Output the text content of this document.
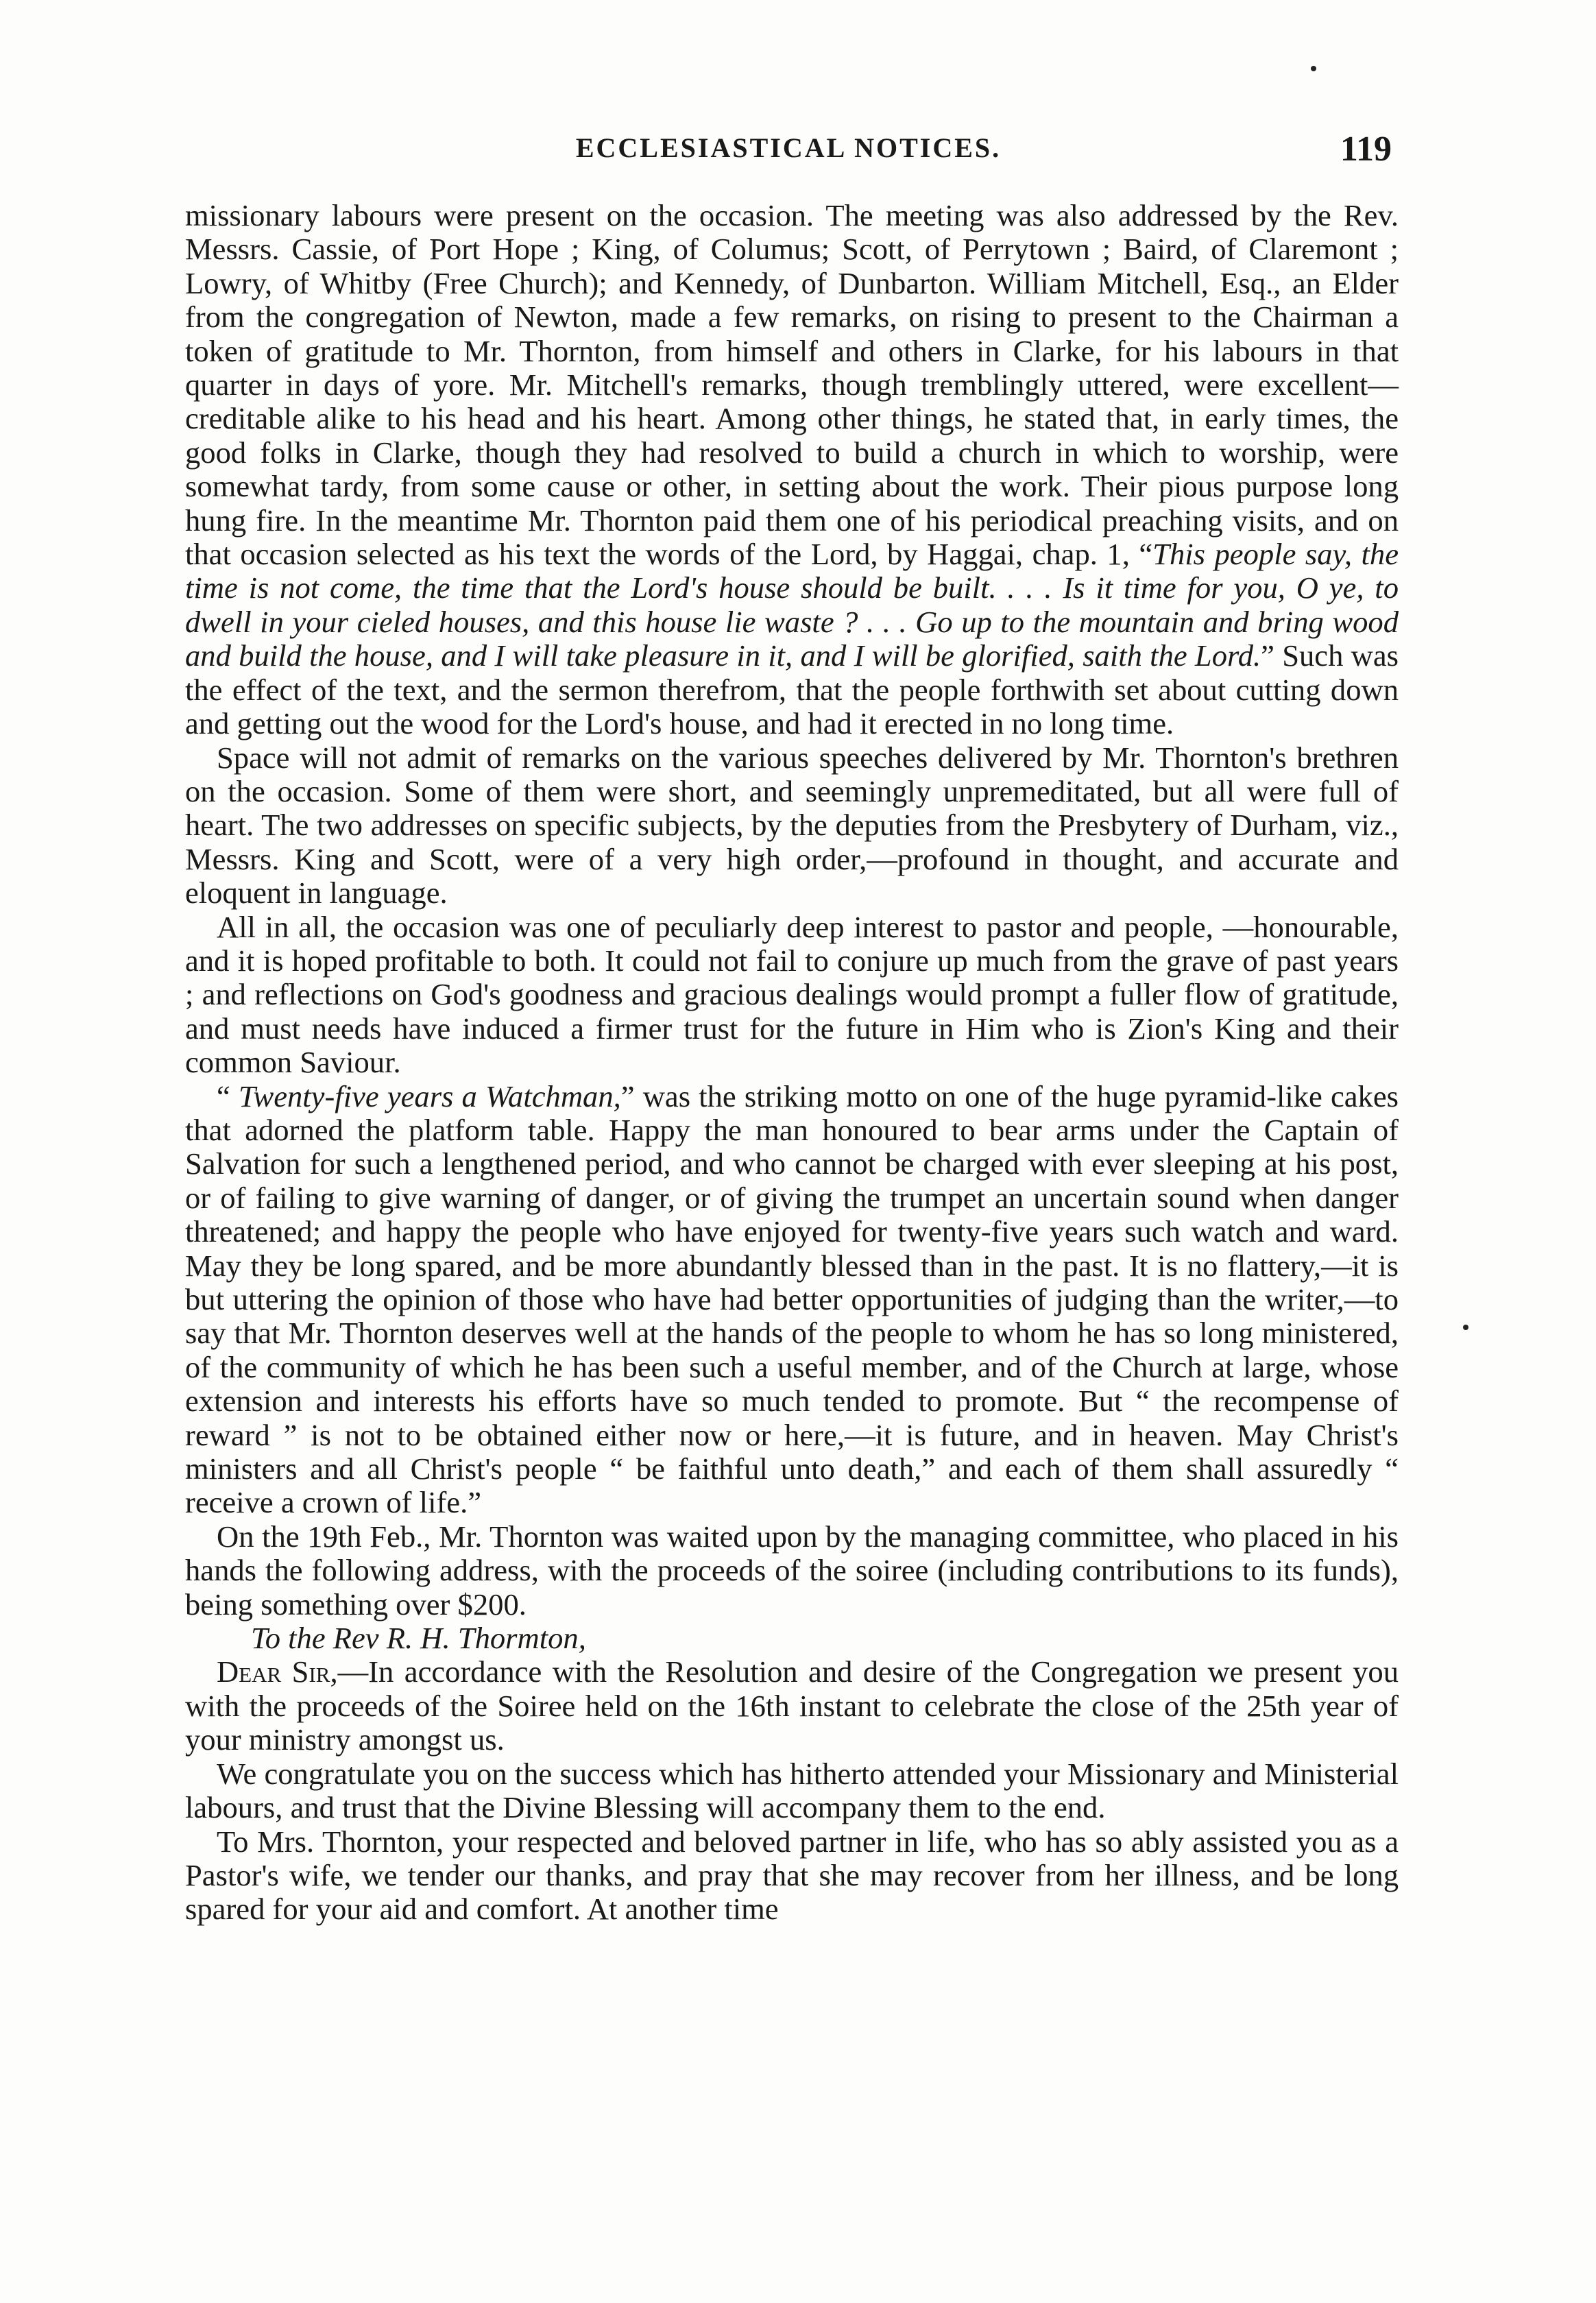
ECCLESIASTICAL NOTICES.	119

missionary labours were present on the occasion. The meeting was also addressed by the Rev. Messrs. Cassie, of Port Hope ; King, of Columus; Scott, of Perrytown ; Baird, of Claremont ; Lowry, of Whitby (Free Church); and Kennedy, of Dunbarton. William Mitchell, Esq., an Elder from the congregation of Newton, made a few remarks, on rising to present to the Chairman a token of gratitude to Mr. Thornton, from himself and others in Clarke, for his labours in that quarter in days of yore. Mr. Mitchell's remarks, though tremblingly uttered, were excellent—creditable alike to his head and his heart. Among other things, he stated that, in early times, the good folks in Clarke, though they had resolved to build a church in which to worship, were somewhat tardy, from some cause or other, in setting about the work. Their pious purpose long hung fire. In the meantime Mr. Thornton paid them one of his periodical preaching visits, and on that occasion selected as his text the words of the Lord, by Haggai, chap. 1, “This people say, the time is not come, the time that the Lord's house should be built. . . . Is it time for you, O ye, to dwell in your cieled houses, and this house lie waste ? . . . Go up to the mountain and bring wood and build the house, and I will take pleasure in it, and I will be glorified, saith the Lord.” Such was the effect of the text, and the sermon therefrom, that the people forthwith set about cutting down and getting out the wood for the Lord's house, and had it erected in no long time.

Space will not admit of remarks on the various speeches delivered by Mr. Thornton's brethren on the occasion. Some of them were short, and seemingly unpremeditated, but all were full of heart. The two addresses on specific subjects, by the deputies from the Presbytery of Durham, viz., Messrs. King and Scott, were of a very high order,—profound in thought, and accurate and eloquent in language.

All in all, the occasion was one of peculiarly deep interest to pastor and people, —honourable, and it is hoped profitable to both. It could not fail to conjure up much from the grave of past years ; and reflections on God's goodness and gracious dealings would prompt a fuller flow of gratitude, and must needs have induced a firmer trust for the future in Him who is Zion's King and their common Saviour.

“ Twenty-five years a Watchman,” was the striking motto on one of the huge pyramid-like cakes that adorned the platform table. Happy the man honoured to bear arms under the Captain of Salvation for such a lengthened period, and who cannot be charged with ever sleeping at his post, or of failing to give warning of danger, or of giving the trumpet an uncertain sound when danger threatened; and happy the people who have enjoyed for twenty-five years such watch and ward. May they be long spared, and be more abundantly blessed than in the past. It is no flattery,—it is but uttering the opinion of those who have had better opportunities of judging than the writer,—to say that Mr. Thornton deserves well at the hands of the people to whom he has so long ministered, of the community of which he has been such a useful member, and of the Church at large, whose extension and interests his efforts have so much tended to promote. But “ the recompense of reward ” is not to be obtained either now or here,—it is future, and in heaven. May Christ's ministers and all Christ's people “ be faithful unto death,” and each of them shall assuredly “ receive a crown of life.”

On the 19th Feb., Mr. Thornton was waited upon by the managing committee, who placed in his hands the following address, with the proceeds of the soiree (including contributions to its funds), being something over $200.

To the Rev R. H. Thormton,

Dear Sir,—In accordance with the Resolution and desire of the Congregation we present you with the proceeds of the Soiree held on the 16th instant to celebrate the close of the 25th year of your ministry amongst us.

We congratulate you on the success which has hitherto attended your Missionary and Ministerial labours, and trust that the Divine Blessing will accompany them to the end.

To Mrs. Thornton, your respected and beloved partner in life, who has so ably assisted you as a Pastor's wife, we tender our thanks, and pray that she may recover from her illness, and be long spared for your aid and comfort. At another time
